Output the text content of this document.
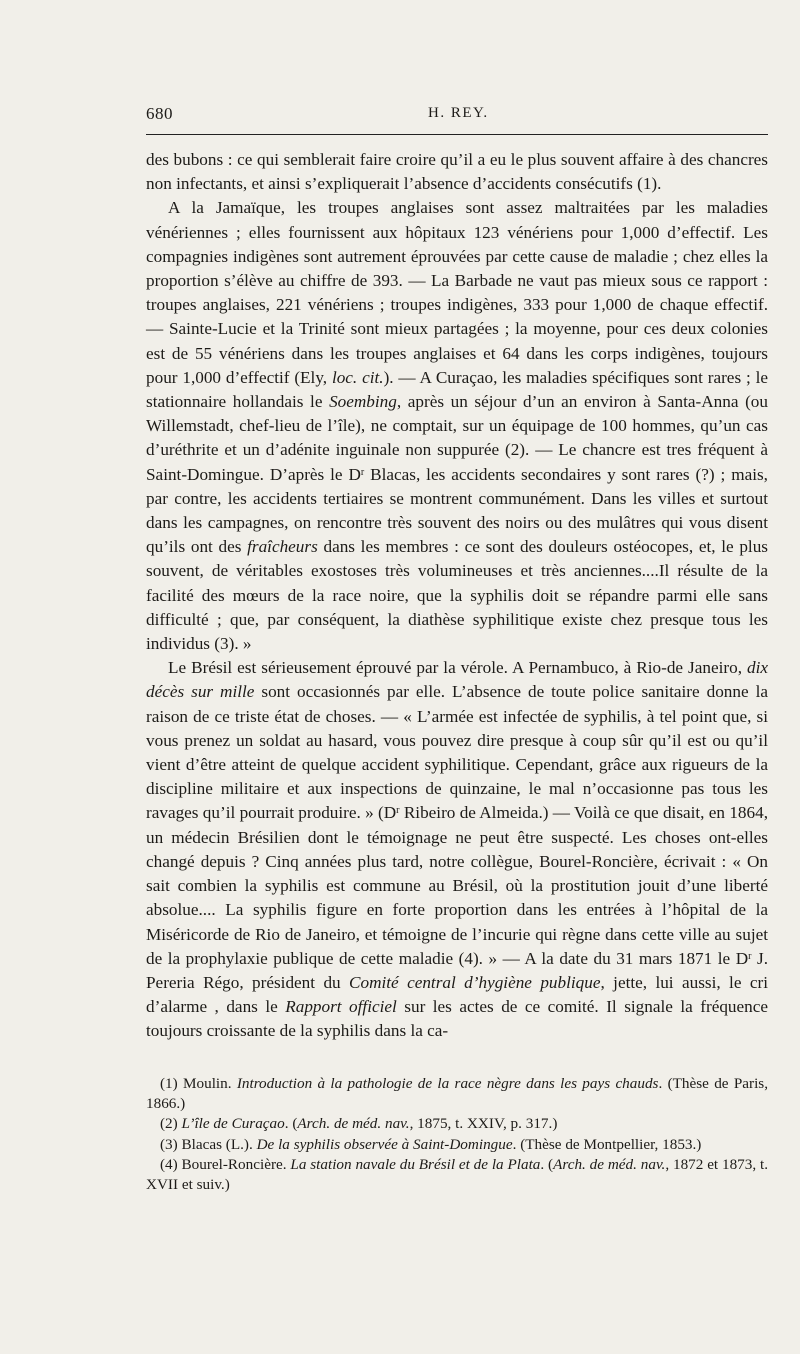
680	H. REY.

des bubons : ce qui semblerait faire croire qu’il a eu le plus souvent affaire à des chancres non infectants, et ainsi s’expliquerait l’absence d’accidents consécutifs (1).

A la Jamaïque, les troupes anglaises sont assez maltraitées par les maladies vénériennes ; elles fournissent aux hôpitaux 123 vénériens pour 1,000 d’effectif. Les compagnies indigènes sont autrement éprouvées par cette cause de maladie ; chez elles la proportion s’élève au chiffre de 393. — La Barbade ne vaut pas mieux sous ce rapport : troupes anglaises, 221 vénériens ; troupes indigènes, 333 pour 1,000 de chaque effectif. — Sainte-Lucie et la Trinité sont mieux partagées ; la moyenne, pour ces deux colonies est de 55 vénériens dans les troupes anglaises et 64 dans les corps indigènes, toujours pour 1,000 d’effectif (Ely, loc. cit.). — A Curaçao, les maladies spécifiques sont rares ; le stationnaire hollandais le Soembing, après un séjour d’un an environ à Santa-Anna (ou Willemstadt, chef-lieu de l’île), ne comptait, sur un équipage de 100 hommes, qu’un cas d’uréthrite et un d’adénite inguinale non suppurée (2). — Le chancre est tres fréquent à Saint-Domingue. D’après le $D^r$ Blacas, les accidents secondaires y sont rares (?) ; mais, par contre, les accidents tertiaires se montrent communément. Dans les villes et surtout dans les campagnes, on rencontre très souvent des noirs ou des mulâtres qui vous disent qu’ils ont des fraîcheurs dans les membres : ce sont des douleurs ostéocopes, et, le plus souvent, de véritables exostoses très volumineuses et très anciennes....Il résulte de la facilité des mœurs de la race noire, que la syphilis doit se répandre parmi elle sans difficulté ; que, par conséquent, la diathèse syphilitique existe chez presque tous les individus (3). »

Le Brésil est sérieusement éprouvé par la vérole. A Pernambuco, à Rio-de Janeiro, dix décès sur mille sont occasionnés par elle. L’absence de toute police sanitaire donne la raison de ce triste état de choses. — « L’armée est infectée de syphilis, à tel point que, si vous prenez un soldat au hasard, vous pouvez dire presque à coup sûr qu’il est ou qu’il vient d’être atteint de quelque accident syphilitique. Cependant, grâce aux rigueurs de la discipline militaire et aux inspections de quinzaine, le mal n’occasionne pas tous les ravages qu’il pourrait produire. » ($D^r$ Ribeiro de Almeida.) — Voilà ce que disait, en 1864, un médecin Brésilien dont le témoignage ne peut être suspecté. Les choses ont-elles changé depuis ? Cinq années plus tard, notre collègue, Bourel-Roncière, écrivait : « On sait combien la syphilis est commune au Brésil, où la prostitution jouit d’une liberté absolue.... La syphilis figure en forte proportion dans les entrées à l’hôpital de la Miséricorde de Rio de Janeiro, et témoigne de l’incurie qui règne dans cette ville au sujet de la prophylaxie publique de cette maladie (4). » — A la date du 31 mars 1871 le $D^r$ J. Pereria Régo, président du Comité central d’hygiène publique, jette, lui aussi, le cri d’alarme , dans le Rapport officiel sur les actes de ce comité. Il signale la fréquence toujours croissante de la syphilis dans la ca-

(1) Moulin. Introduction à la pathologie de la race nègre dans les pays chauds. (Thèse de Paris, 1866.)

(2) L’île de Curaçao. (Arch. de méd. nav., 1875, t. XXIV, p. 317.)

(3) Blacas (L.). De la syphilis observée à Saint-Domingue. (Thèse de Montpellier, 1853.)

(4) Bourel-Roncière. La station navale du Brésil et de la Plata. (Arch. de méd. nav., 1872 et 1873, t. XVII et suiv.)
